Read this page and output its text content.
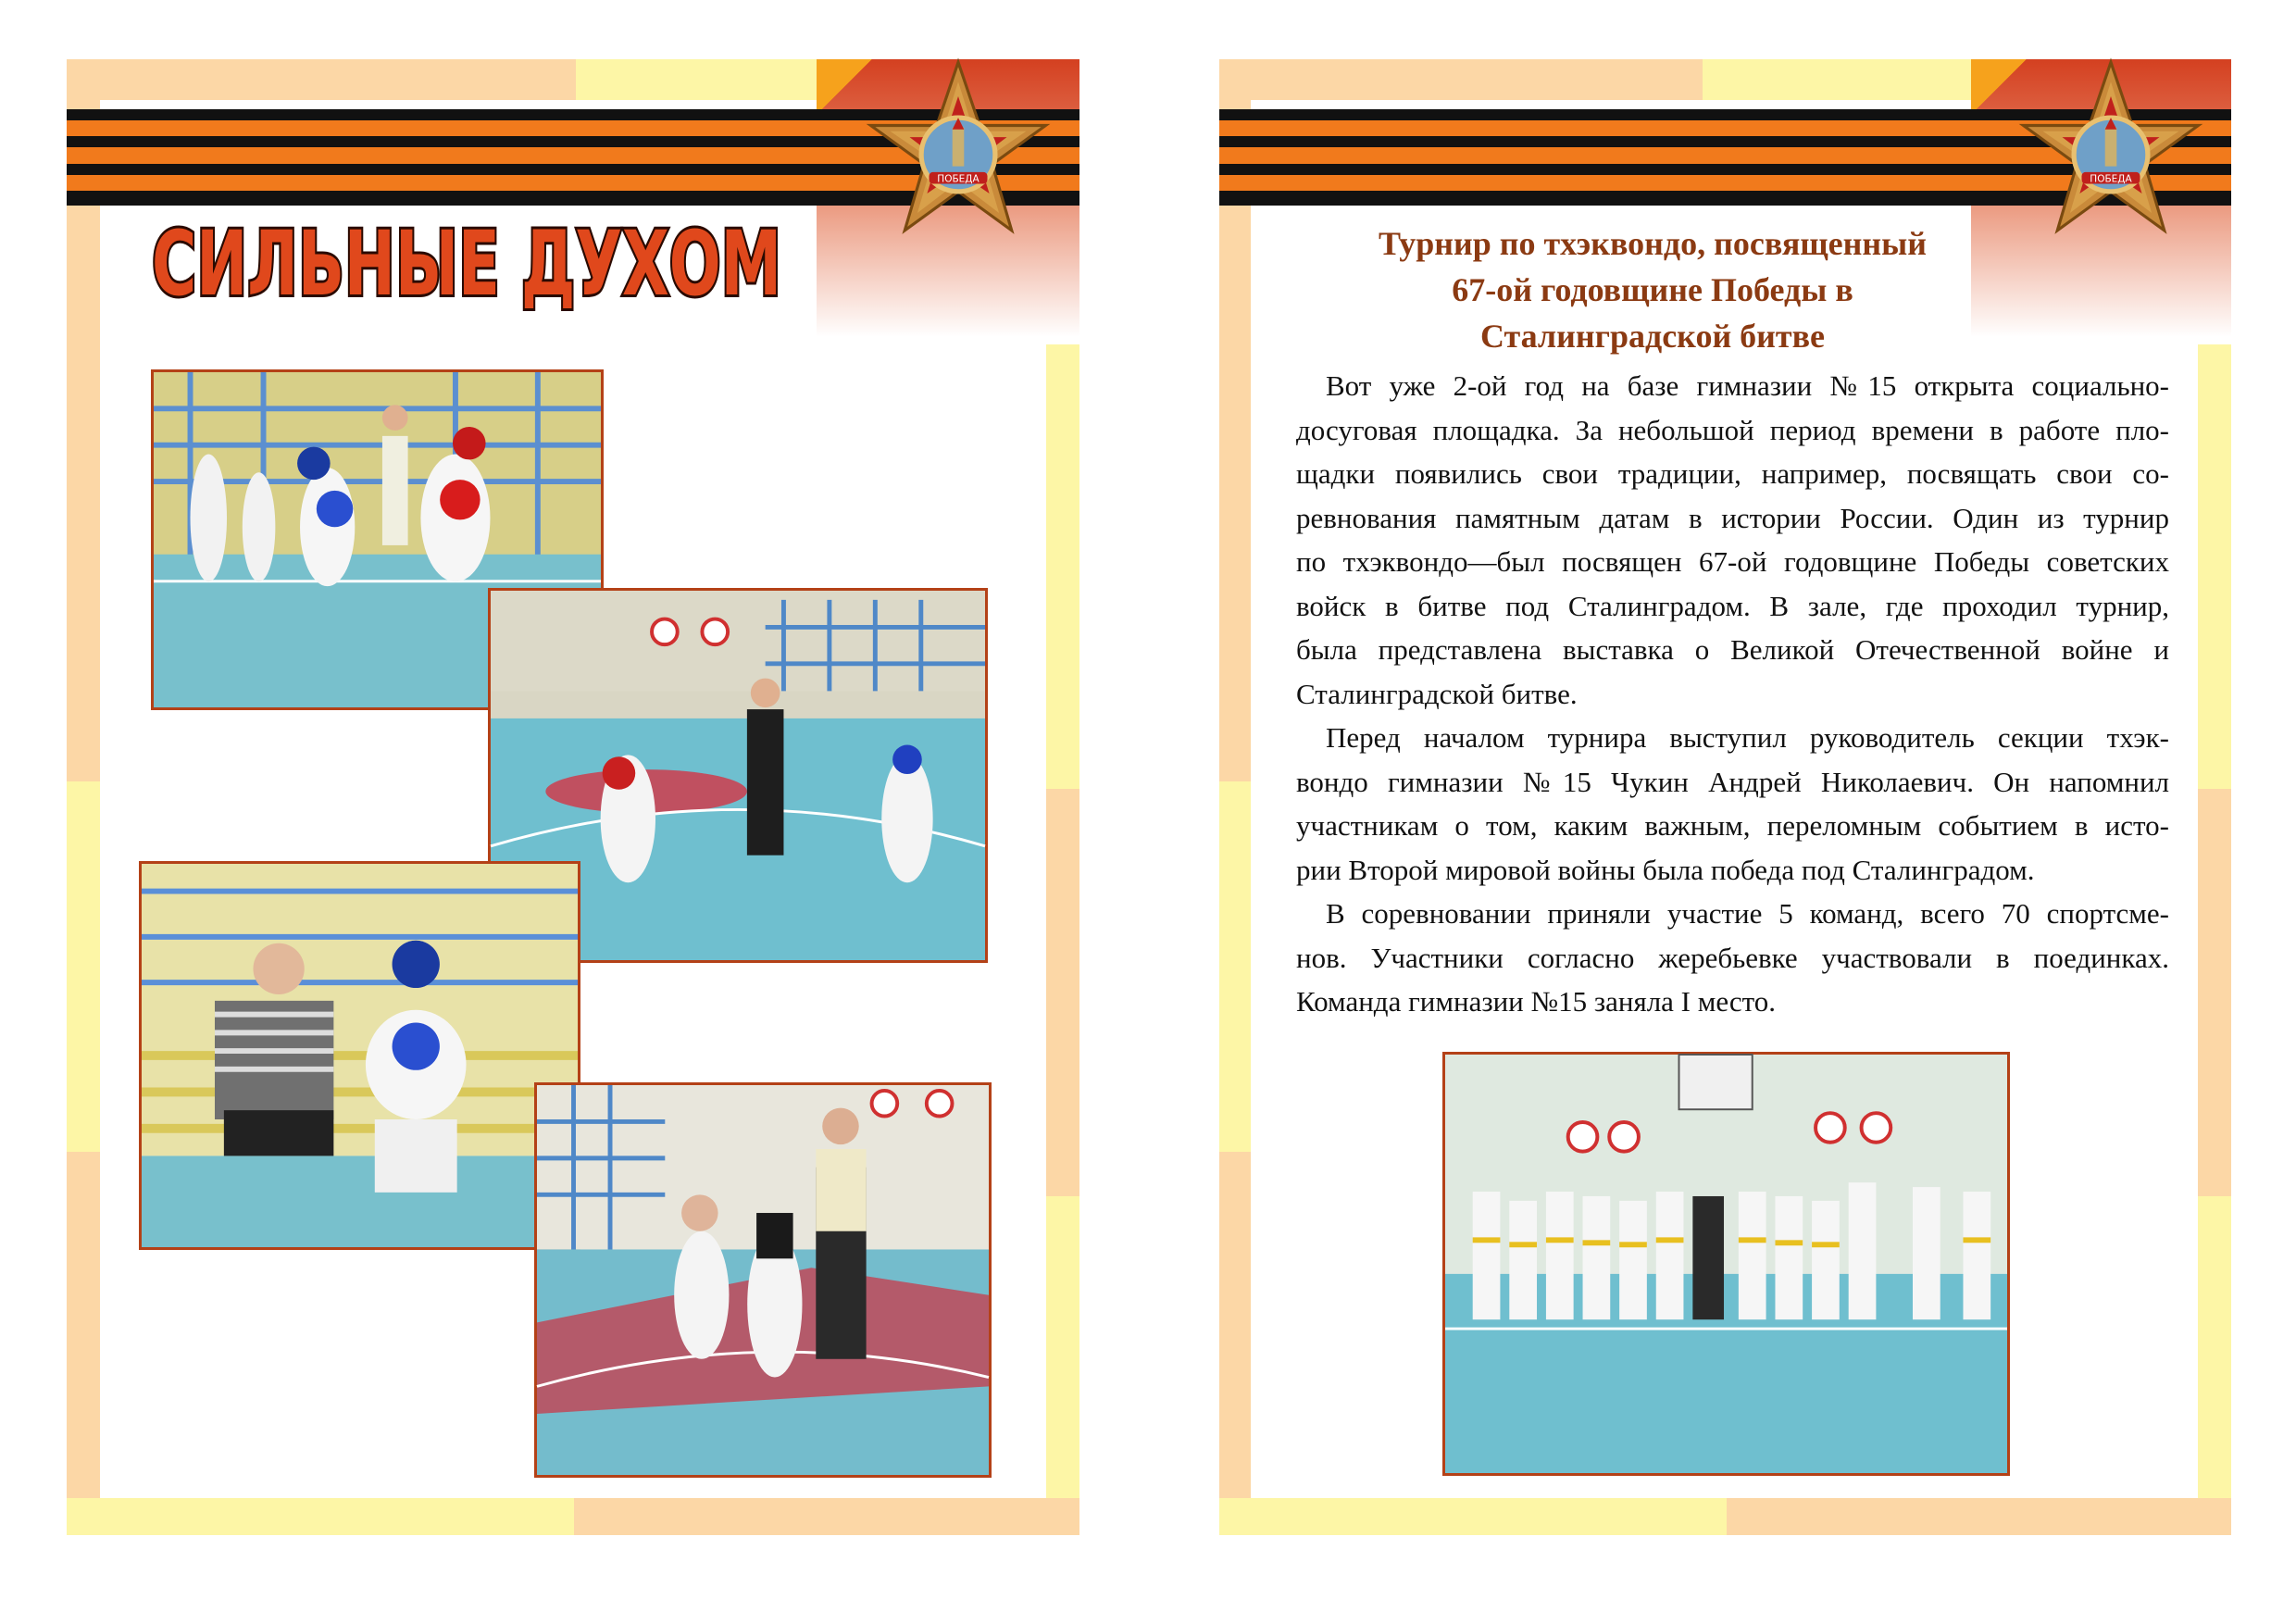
ПОБЕДА
СИЛЬНЫЕ ДУХОМ
ПОБЕДА
Турнир по тхэквондо, посвященный
67-ой годовщине Победы в
Сталинградской битве
Вот уже 2-ой год на базе гимназии №15 открыта социально-
досуговая площадка. За небольшой период времени в работе пло-
щадки появились свои традиции, например, посвящать свои со-
ревнования памятным датам в истории России. Один из турнир
по тхэквондо—был посвящен 67-ой годовщине Победы советских
войск в битве под Сталинградом. В зале, где проходил турнир,
была представлена выставка о Великой Отечественной войне и
Сталинградской битве.
Перед началом турнира выступил руководитель секции тхэк-
вондо гимназии №15 Чукин Андрей Николаевич. Он напомнил
участникам о том, каким важным, переломным событием в исто-
рии Второй мировой войны была победа под Сталинградом.
В соревновании приняли участие 5 команд, всего 70 спортсме-
нов. Участники согласно жеребьевке участвовали в поединках.
Команда гимназии №15 заняла I место.
